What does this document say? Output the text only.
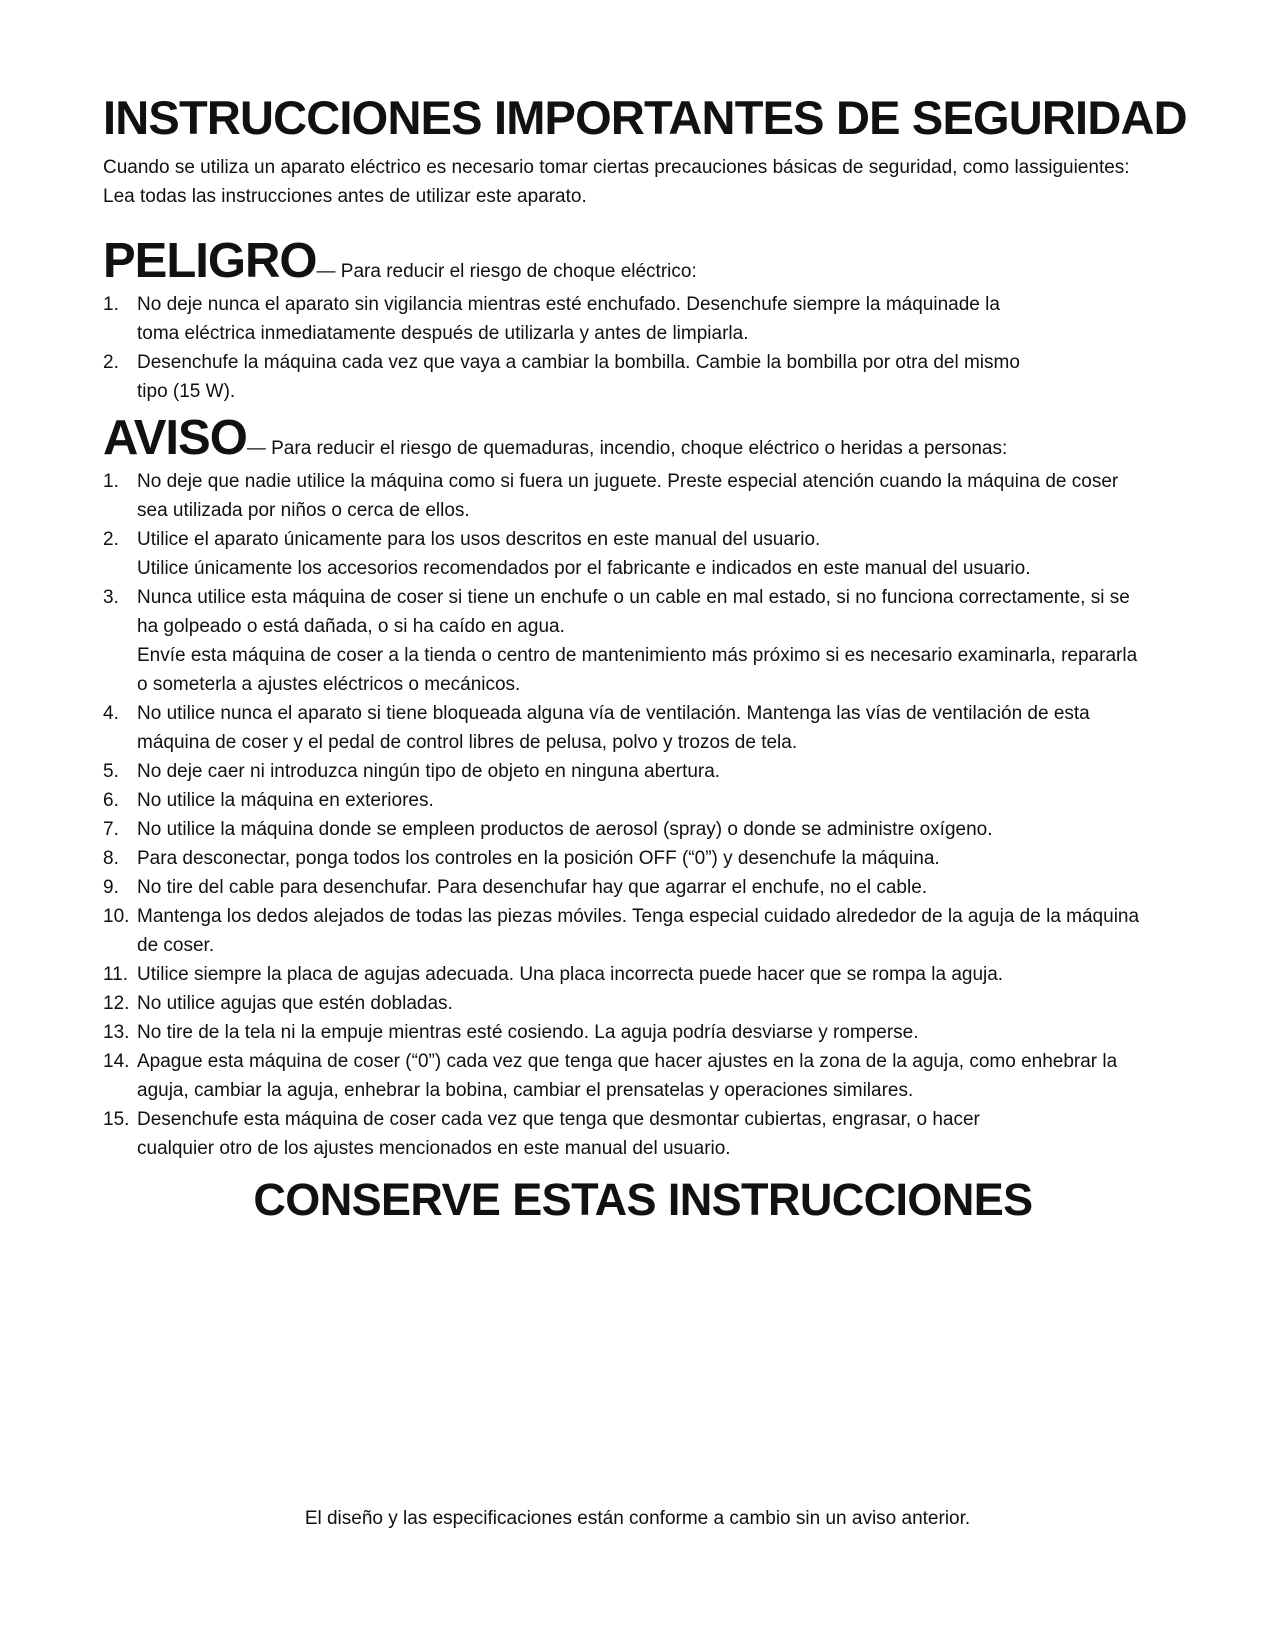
INSTRUCCIONES IMPORTANTES DE SEGURIDAD
Cuando se utiliza un aparato eléctrico es necesario tomar ciertas precauciones básicas de seguridad, como lassiguientes:
Lea todas las instrucciones antes de utilizar este aparato.
PELIGRO— Para reducir el riesgo de choque eléctrico:
1. No deje nunca el aparato sin vigilancia mientras esté enchufado. Desenchufe siempre la máquinade la
toma eléctrica inmediatamente después de utilizarla y antes de limpiarla.
2. Desenchufe la máquina cada vez que vaya a cambiar la bombilla. Cambie la bombilla por otra del mismo
tipo (15 W).
AVISO— Para reducir el riesgo de quemaduras, incendio, choque eléctrico o heridas a personas:
1. No deje que nadie utilice la máquina como si fuera un juguete. Preste especial atención cuando la máquina de coser
sea utilizada por niños o cerca de ellos.
2. Utilice el aparato únicamente para los usos descritos en este manual del usuario.
Utilice únicamente los accesorios recomendados por el fabricante e indicados en este manual del usuario.
3. Nunca utilice esta máquina de coser si tiene un enchufe o un cable en mal estado, si no funciona correctamente, si se
ha golpeado o está dañada, o si ha caído en agua.
Envíe esta máquina de coser a la tienda o centro de mantenimiento más próximo si es necesario examinarla, repararla
o someterla a ajustes eléctricos o mecánicos.
4. No utilice nunca el aparato si tiene bloqueada alguna vía de ventilación. Mantenga las vías de ventilación de esta
máquina de coser y el pedal de control libres de pelusa, polvo y trozos de tela.
5. No deje caer ni introduzca ningún tipo de objeto en ninguna abertura.
6. No utilice la máquina en exteriores.
7. No utilice la máquina donde se empleen productos de aerosol (spray) o donde se administre oxígeno.
8. Para desconectar, ponga todos los controles en la posición OFF (“0”) y desenchufe la máquina.
9. No tire del cable para desenchufar. Para desenchufar hay que agarrar el enchufe, no el cable.
10. Mantenga los dedos alejados de todas las piezas móviles. Tenga especial cuidado alrededor de la aguja de la máquina
de coser.
11. Utilice siempre la placa de agujas adecuada. Una placa incorrecta puede hacer que se rompa la aguja.
12. No utilice agujas que estén dobladas.
13. No tire de la tela ni la empuje mientras esté cosiendo. La aguja podría desviarse y romperse.
14. Apague esta máquina de coser (“0”) cada vez que tenga que hacer ajustes en la zona de la aguja, como enhebrar la
aguja, cambiar la aguja, enhebrar la bobina, cambiar el prensatelas y operaciones similares.
15. Desenchufe esta máquina de coser cada vez que tenga que desmontar cubiertas, engrasar, o hacer
cualquier otro de los ajustes mencionados en este manual del usuario.
CONSERVE ESTAS INSTRUCCIONES
El diseño y las especificaciones están conforme a cambio sin un aviso anterior.
